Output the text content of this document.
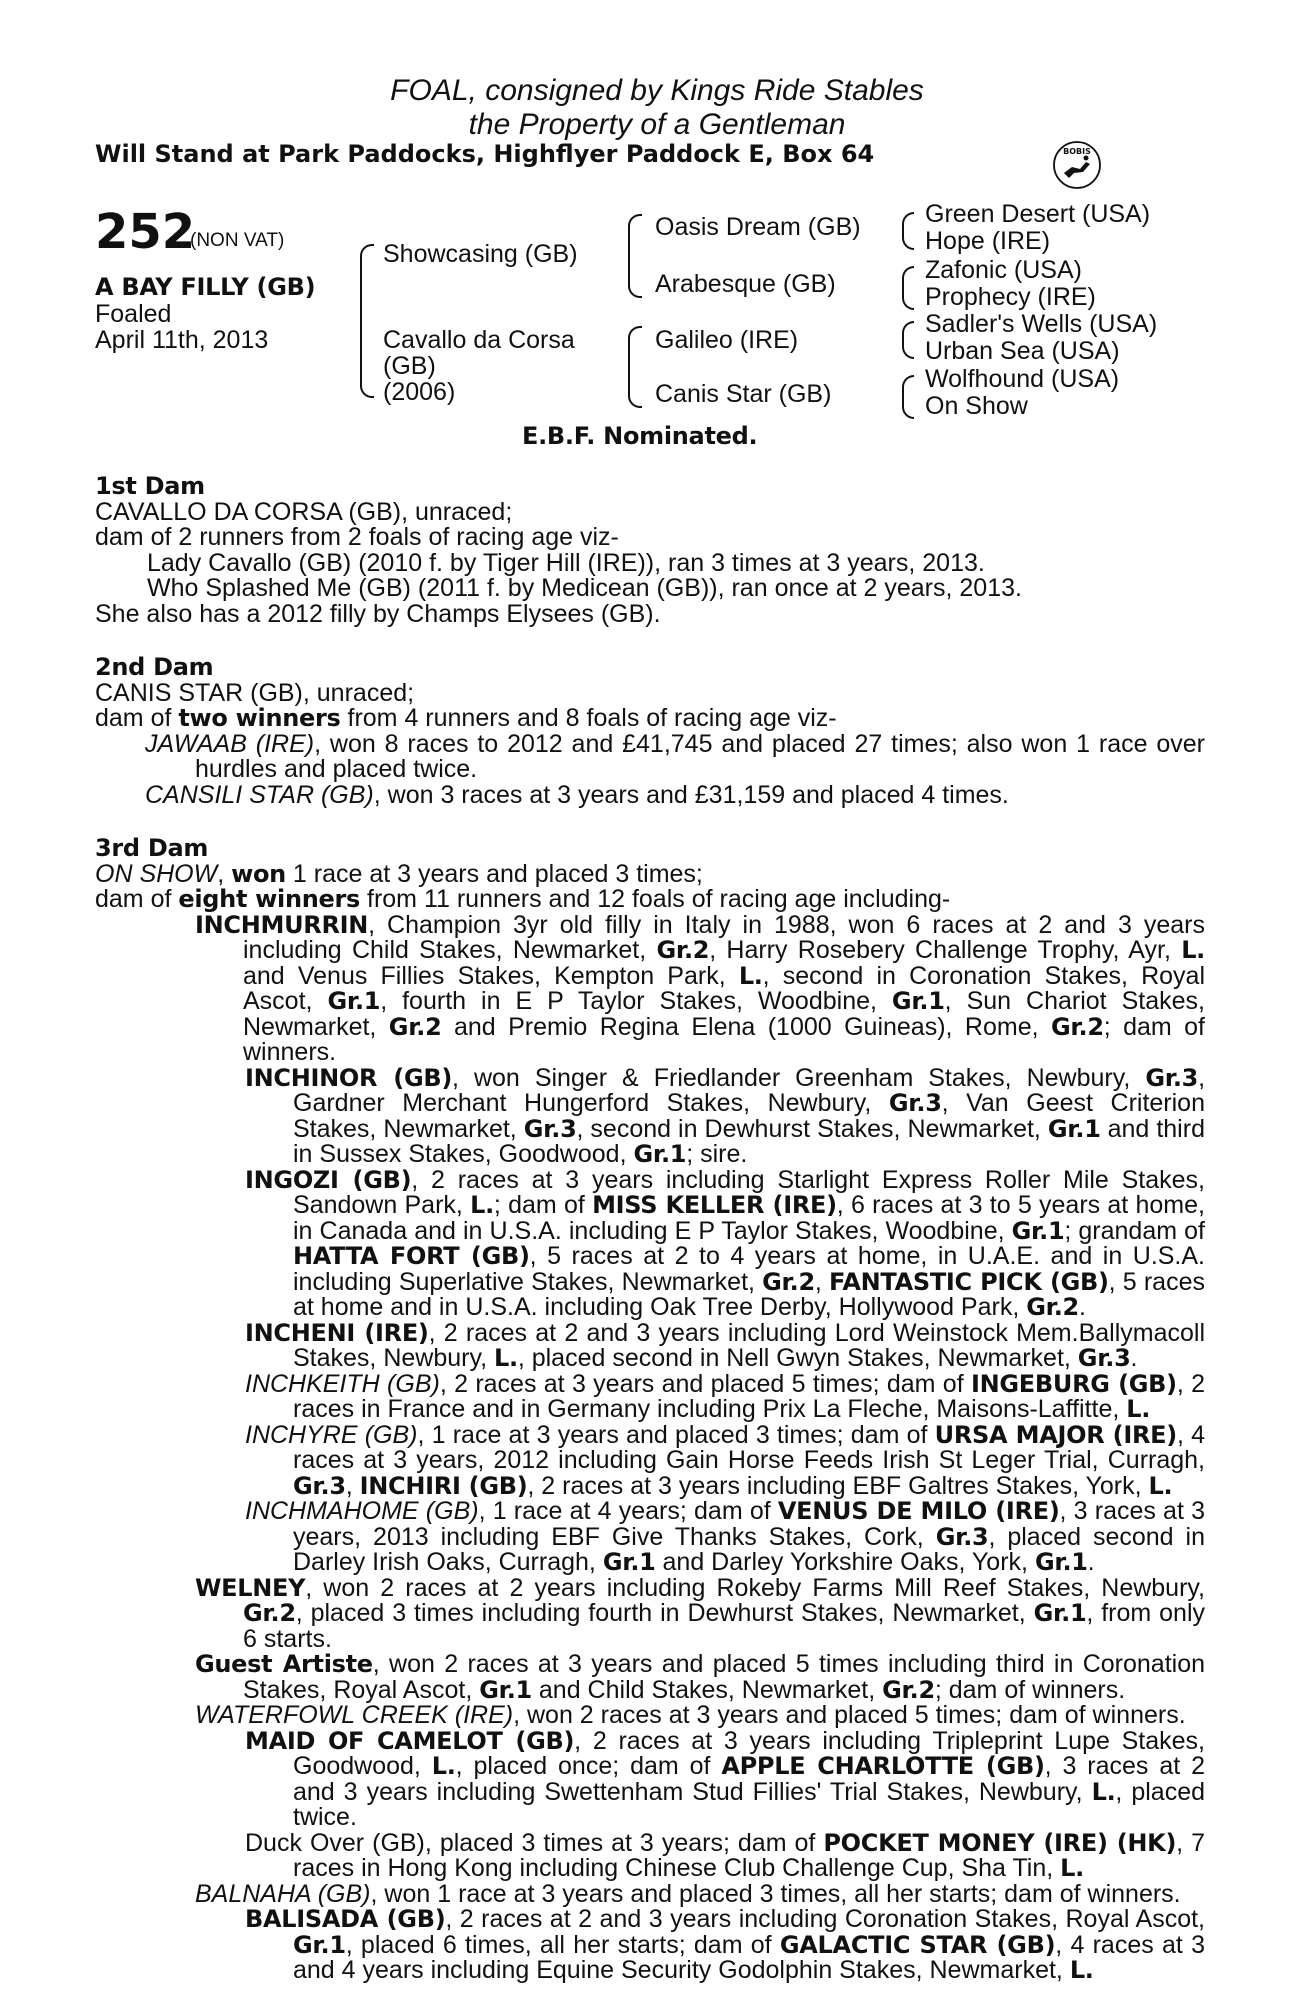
FOAL, consigned by Kings Ride Stables
the Property of a Gentleman
Will Stand at Park Paddocks, Highflyer Paddock E, Box 64	BOBIS
252
(NON VAT)
A BAY FILLY (GB)
Foaled
April 11th, 2013
Showcasing (GB)
Cavallo da Corsa
(GB)
(2006)
Oasis Dream (GB)
Arabesque (GB)
Galileo (IRE)
Canis Star (GB)
Green Desert (USA)
Hope (IRE)
Zafonic (USA)
Prophecy (IRE)
Sadler's Wells (USA)
Urban Sea (USA)
Wolfhound (USA)
On Show
E.B.F. Nominated.
1st Dam

CAVALLO DA CORSA (GB), unraced;

dam of 2 runners from 2 foals of racing age viz-

Lady Cavallo (GB) (2010 f. by Tiger Hill (IRE)), ran 3 times at 3 years, 2013.

Who Splashed Me (GB) (2011 f. by Medicean (GB)), ran once at 2 years, 2013.

She also has a 2012 filly by Champs Elysees (GB).

2nd Dam

CANIS STAR (GB), unraced;

dam of two winners from 4 runners and 8 foals of racing age viz-

JAWAAB (IRE), won 8 races to 2012 and £41,745 and placed 27 times; also won 1 race over hurdles and placed twice.

CANSILI STAR (GB), won 3 races at 3 years and £31,159 and placed 4 times.

3rd Dam

ON SHOW, won 1 race at 3 years and placed 3 times;

dam of eight winners from 11 runners and 12 foals of racing age including-

INCHMURRIN, Champion 3yr old filly in Italy in 1988, won 6 races at 2 and 3 years including Child Stakes, Newmarket, Gr.2, Harry Rosebery Challenge Trophy, Ayr, L. and Venus Fillies Stakes, Kempton Park, L., second in Coronation Stakes, Royal Ascot, Gr.1, fourth in E P Taylor Stakes, Woodbine, Gr.1, Sun Chariot Stakes, Newmarket, Gr.2 and Premio Regina Elena (1000 Guineas), Rome, Gr.2; dam of winners.

INCHINOR (GB), won Singer & Friedlander Greenham Stakes, Newbury, Gr.3, Gardner Merchant Hungerford Stakes, Newbury, Gr.3, Van Geest Criterion Stakes, Newmarket, Gr.3, second in Dewhurst Stakes, Newmarket, Gr.1 and third in Sussex Stakes, Goodwood, Gr.1; sire.

INGOZI (GB), 2 races at 3 years including Starlight Express Roller Mile Stakes, Sandown Park, L.; dam of MISS KELLER (IRE), 6 races at 3 to 5 years at home, in Canada and in U.S.A. including E P Taylor Stakes, Woodbine, Gr.1; grandam of HATTA FORT (GB), 5 races at 2 to 4 years at home, in U.A.E. and in U.S.A. including Superlative Stakes, Newmarket, Gr.2, FANTASTIC PICK (GB), 5 races at home and in U.S.A. including Oak Tree Derby, Hollywood Park, Gr.2.

INCHENI (IRE), 2 races at 2 and 3 years including Lord Weinstock Mem.Ballymacoll Stakes, Newbury, L., placed second in Nell Gwyn Stakes, Newmarket, Gr.3.

INCHKEITH (GB), 2 races at 3 years and placed 5 times; dam of INGEBURG (GB), 2 races in France and in Germany including Prix La Fleche, Maisons-Laffitte, L.

INCHYRE (GB), 1 race at 3 years and placed 3 times; dam of URSA MAJOR (IRE), 4 races at 3 years, 2012 including Gain Horse Feeds Irish St Leger Trial, Curragh, Gr.3, INCHIRI (GB), 2 races at 3 years including EBF Galtres Stakes, York, L.

INCHMAHOME (GB), 1 race at 4 years; dam of VENUS DE MILO (IRE), 3 races at 3 years, 2013 including EBF Give Thanks Stakes, Cork, Gr.3, placed second in Darley Irish Oaks, Curragh, Gr.1 and Darley Yorkshire Oaks, York, Gr.1.

WELNEY, won 2 races at 2 years including Rokeby Farms Mill Reef Stakes, Newbury, Gr.2, placed 3 times including fourth in Dewhurst Stakes, Newmarket, Gr.1, from only 6 starts.

Guest Artiste, won 2 races at 3 years and placed 5 times including third in Coronation Stakes, Royal Ascot, Gr.1 and Child Stakes, Newmarket, Gr.2; dam of winners.

WATERFOWL CREEK (IRE), won 2 races at 3 years and placed 5 times; dam of winners.

MAID OF CAMELOT (GB), 2 races at 3 years including Tripleprint Lupe Stakes, Goodwood, L., placed once; dam of APPLE CHARLOTTE (GB), 3 races at 2 and 3 years including Swettenham Stud Fillies' Trial Stakes, Newbury, L., placed twice.

Duck Over (GB), placed 3 times at 3 years; dam of POCKET MONEY (IRE) (HK), 7 races in Hong Kong including Chinese Club Challenge Cup, Sha Tin, L.

BALNAHA (GB), won 1 race at 3 years and placed 3 times, all her starts; dam of winners.

BALISADA (GB), 2 races at 2 and 3 years including Coronation Stakes, Royal Ascot, Gr.1, placed 6 times, all her starts; dam of GALACTIC STAR (GB), 4 races at 3 and 4 years including Equine Security Godolphin Stakes, Newmarket, L.
